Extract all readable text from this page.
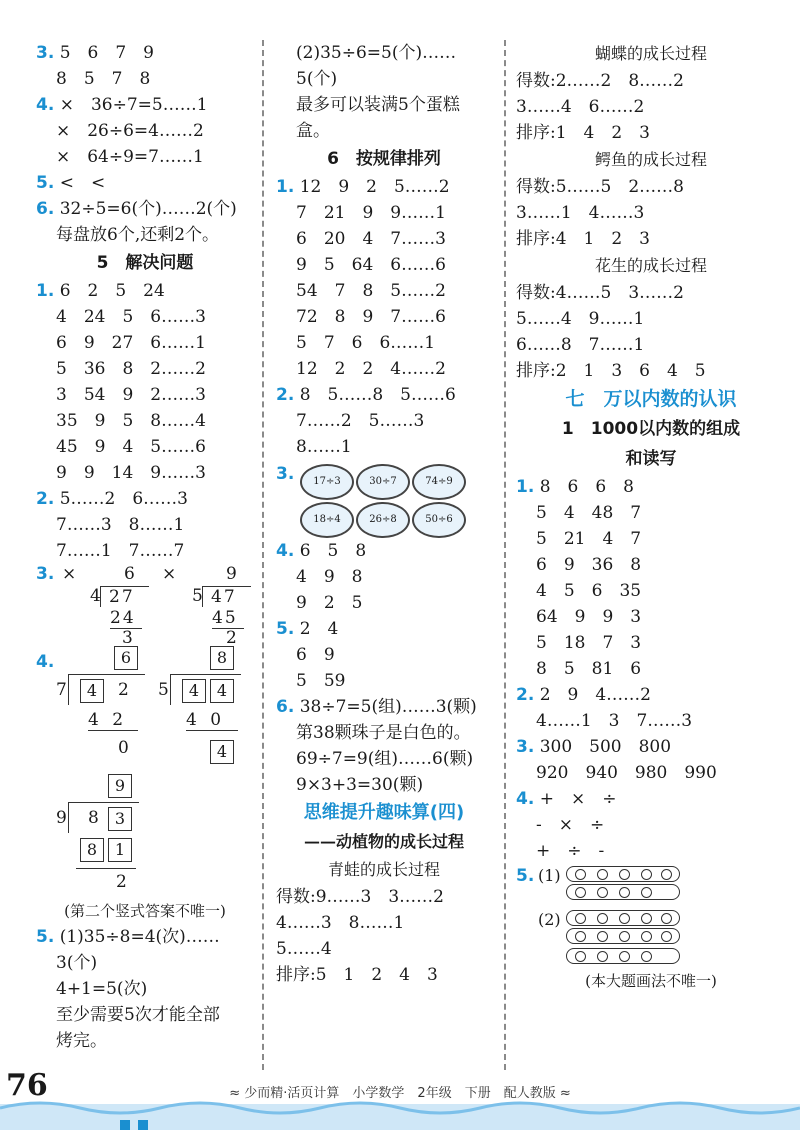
3. 5　6　7　9
8　5　7　8
4. ×　36÷7=5……1
×　26÷6=4……2
×　64÷9=7……1
5. <　<
6. 32÷5=6(个)……2(个)
每盘放6个,还剩2个。
5　解决问题
1. 6　2　5　24
4　24　5　6……3
6　9　27　6……1
5　36　8　2……2
3　54　9　2……3
35　9　5　8……4
45　9　4　5……6
9　9　14　9……3
2. 5……2　6……3
7……3　8……1
7……1　7……7
3. ×	6
4 27
24
3
×	9
5 47
45
2
4.	6
7	4	2
4 2
0
8
5	4	4
4 0
4
9
9 8	3
8	1
2
(第二个竖式答案不唯一)
5. (1)35÷8=4(次)……
3(个)
4+1=5(次)
至少需要5次才能全部
烤完。
(2)35÷6=5(个)……
5(个)
最多可以装满5个蛋糕
盒。
6　按规律排列
1. 12　9　2　5……2
7　21　9　9……1
6　20　4　7……3
9　5　64　6……6
54　7　8　5……2
72　8　9　7……6
5　7　6　6……1
12　2　2　4……2
2. 8　5……8　5……6
7……2　5……3
8……1
3.	17÷3	30÷7	74÷9
18÷4	26÷8	50÷6
4. 6　5　8
4　9　8
9　2　5
5. 2　4
6　9
5　59
6. 38÷7=5(组)……3(颗)
第38颗珠子是白色的。
69÷7=9(组)……6(颗)
9×3+3=30(颗)
思维提升趣味算(四)
——动植物的成长过程
青蛙的成长过程
得数:9……3　3……2
4……3　8……1
5……4
排序:5　1　2　4　3
蝴蝶的成长过程
得数:2……2　8……2
3……4　6……2
排序:1　4　2　3
鳄鱼的成长过程
得数:5……5　2……8
3……1　4……3
排序:4　1　2　3
花生的成长过程
得数:4……5　3……2
5……4　9……1
6……8　7……1
排序:2　1　3　6　4　5
七　万以内数的认识
1　1000以内数的组成
和读写
1. 8　6　6　8
5　4　48　7
5　21　4　7
6　9　36　8
4　5　6　35
64　9　9　3
5　18　7　3
8　5　81　6
2. 2　9　4……2
4……1　3　7……3
3. 300　500　800
920　940　980　990
4. +　×　÷
-　×　÷
+　÷　-
5. (1)
(2)
(本大题画法不唯一)
76	≈ 少而精·活页计算　小学数学　2年级　下册　配人教版 ≈
